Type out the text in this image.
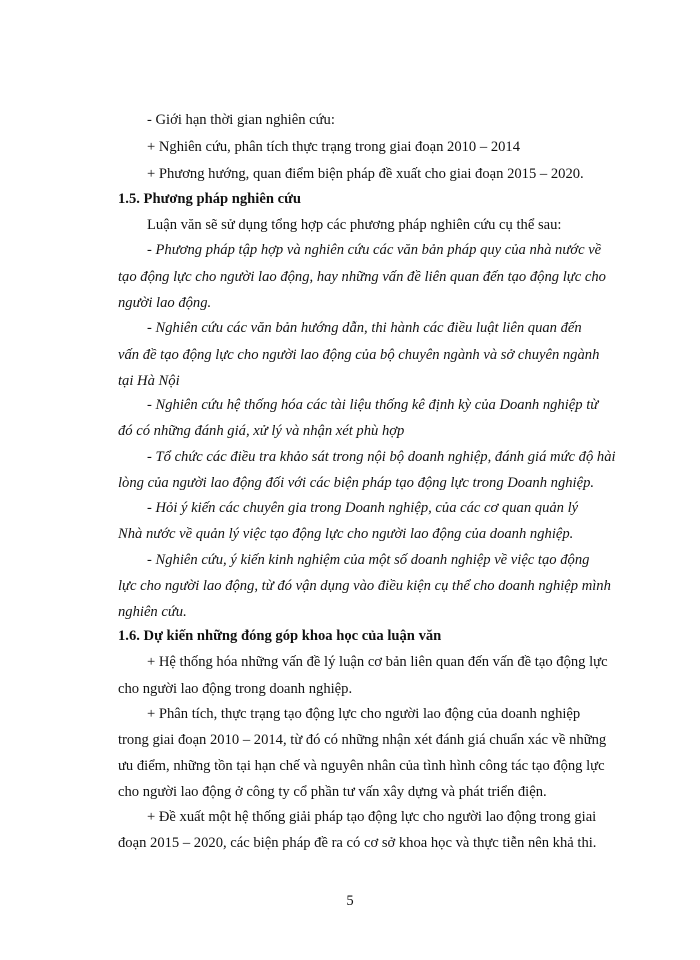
- Giới hạn thời gian nghiên cứu:
+ Nghiên cứu, phân tích thực trạng trong giai đoạn 2010 – 2014
+ Phương hướng, quan điểm biện pháp đề xuất cho giai đoạn 2015 – 2020.
1.5. Phương pháp nghiên cứu
Luận văn sẽ sử dụng tổng hợp các phương pháp nghiên cứu cụ thể sau:
- Phương pháp tập hợp và nghiên cứu các văn bản pháp quy của nhà nước về
tạo động lực cho người lao động, hay những vấn đề liên quan đến tạo động lực cho
người lao động.
- Nghiên cứu các văn bản hướng dẫn, thi hành các điều luật liên quan đến
vấn đề tạo động lực cho người lao động của bộ chuyên ngành và sở chuyên ngành
tại Hà Nội
- Nghiên cứu hệ thống hóa các tài liệu thống kê định kỳ của Doanh nghiệp từ
đó có những đánh giá, xử lý và nhận xét phù hợp
- Tổ chức các điều tra khảo sát trong nội bộ doanh nghiệp, đánh giá mức độ hài
lòng của người lao động đối với các biện pháp tạo động lực trong Doanh nghiệp.
- Hỏi ý kiến các chuyên gia trong Doanh nghiệp, của các cơ quan quản lý
Nhà nước về quản lý việc tạo động lực cho người lao động của doanh nghiệp.
- Nghiên cứu, ý kiến kinh nghiệm của một số doanh nghiệp về việc tạo động
lực cho người lao động, từ đó vận dụng vào điều kiện cụ thể cho doanh nghiệp mình
nghiên cứu.
1.6. Dự kiến những đóng góp khoa học của luận văn
+ Hệ thống hóa những vấn đề lý luận cơ bản liên quan đến vấn đề tạo động lực
cho người lao động trong doanh nghiệp.
+ Phân tích, thực trạng tạo động lực cho người lao động của doanh nghiệp
trong giai đoạn 2010 – 2014, từ đó có những nhận xét đánh giá chuẩn xác về những
ưu điểm, những tồn tại hạn chế và nguyên nhân của tình hình công tác tạo động lực
cho người lao động ở công ty cổ phần tư vấn xây dựng và phát triển điện.
+ Đề xuất một hệ thống giải pháp tạo động lực cho người lao động trong giai
đoạn 2015 – 2020, các biện pháp đề ra có cơ sở khoa học và thực tiễn nên khả thi.
5
